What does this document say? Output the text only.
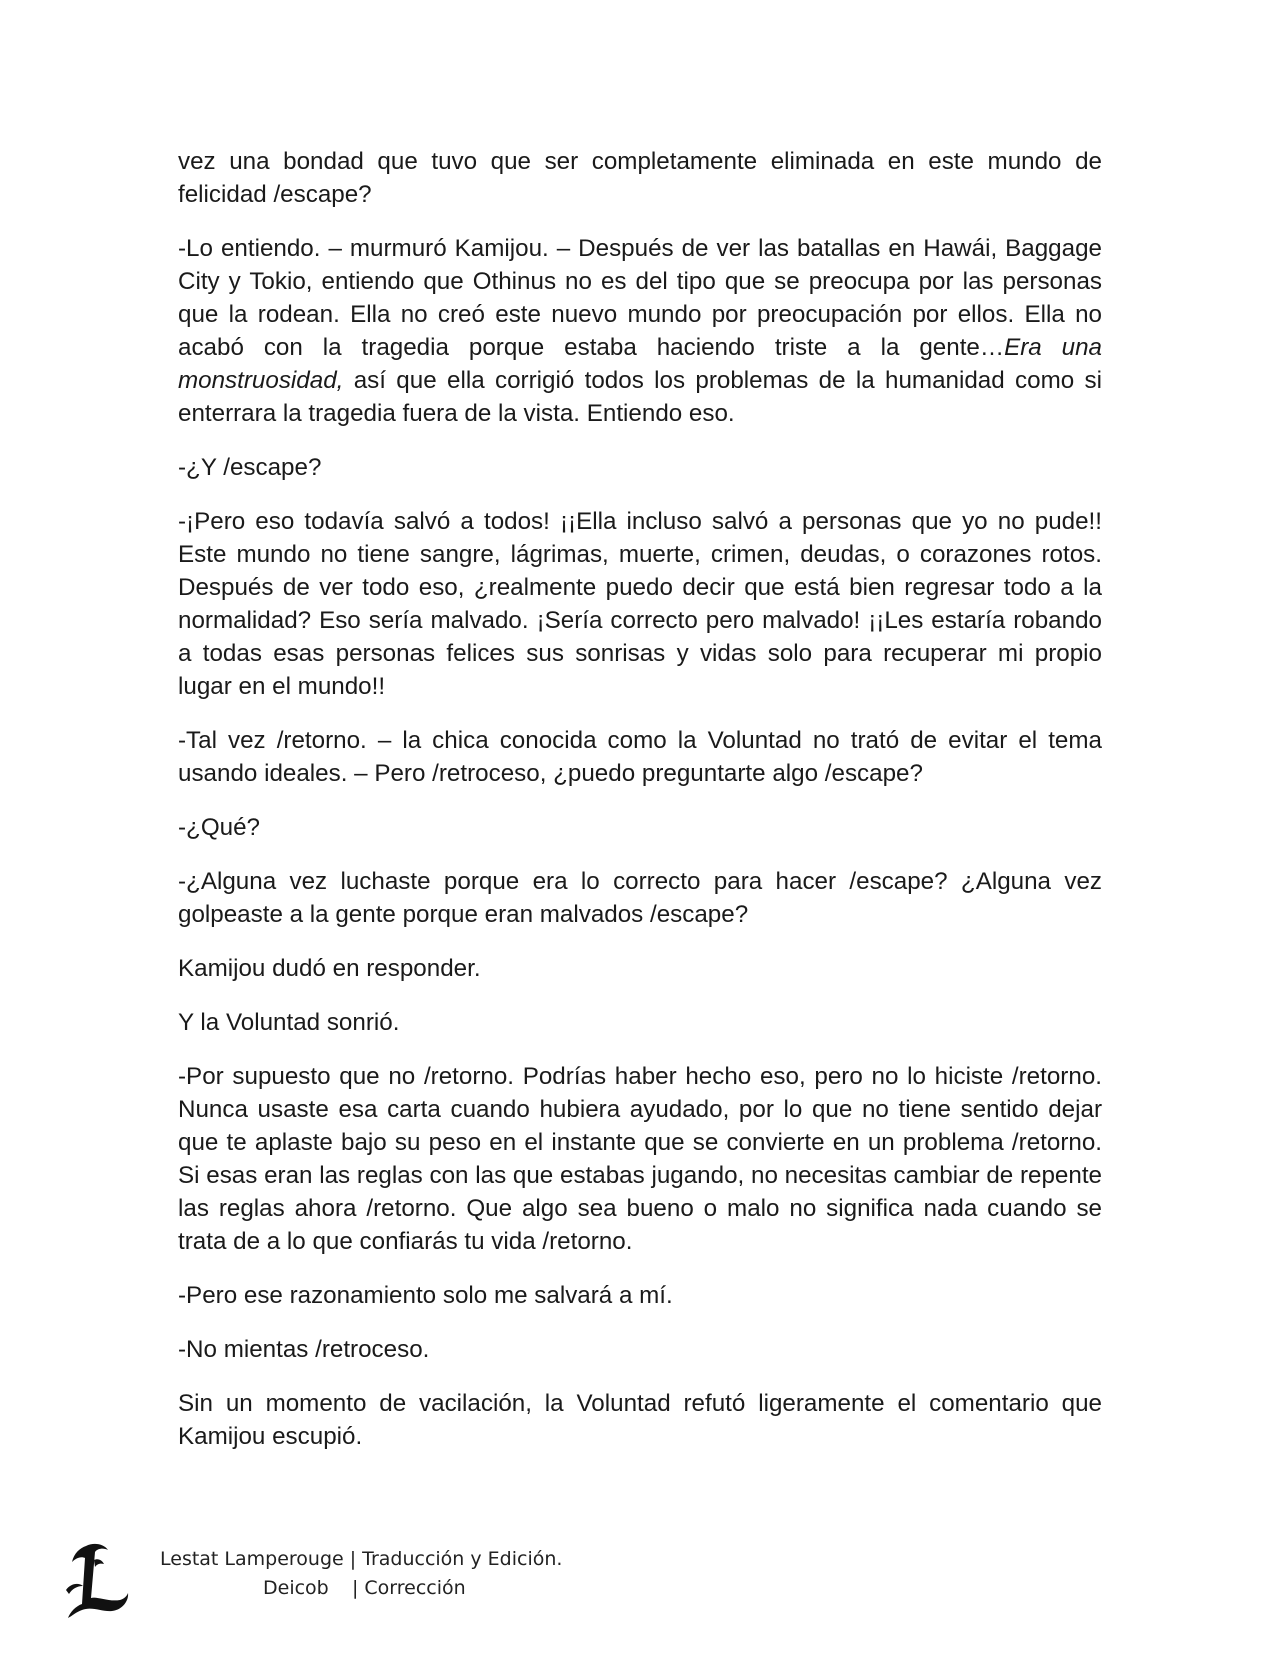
vez una bondad que tuvo que ser completamente eliminada en este mundo de felicidad /escape?

-Lo entiendo. – murmuró Kamijou. – Después de ver las batallas en Hawái, Baggage City y Tokio, entiendo que Othinus no es del tipo que se preocupa por las personas que la rodean. Ella no creó este nuevo mundo por preocupación por ellos. Ella no acabó con la tragedia porque estaba haciendo triste a la gente…Era una monstruosidad, así que ella corrigió todos los problemas de la humanidad como si enterrara la tragedia fuera de la vista. Entiendo eso.

-¿Y /escape?

-¡Pero eso todavía salvó a todos! ¡¡Ella incluso salvó a personas que yo no pude!! Este mundo no tiene sangre, lágrimas, muerte, crimen, deudas, o corazones rotos. Después de ver todo eso, ¿realmente puedo decir que está bien regresar todo a la normalidad? Eso sería malvado. ¡Sería correcto pero malvado! ¡¡Les estaría robando a todas esas personas felices sus sonrisas y vidas solo para recuperar mi propio lugar en el mundo!!

-Tal vez /retorno. – la chica conocida como la Voluntad no trató de evitar el tema usando ideales. – Pero /retroceso, ¿puedo preguntarte algo /escape?

-¿Qué?

-¿Alguna vez luchaste porque era lo correcto para hacer /escape? ¿Alguna vez golpeaste a la gente porque eran malvados /escape?

Kamijou dudó en responder.

Y la Voluntad sonrió.

-Por supuesto que no /retorno. Podrías haber hecho eso, pero no lo hiciste /retorno. Nunca usaste esa carta cuando hubiera ayudado, por lo que no tiene sentido dejar que te aplaste bajo su peso en el instante que se convierte en un problema /retorno. Si esas eran las reglas con las que estabas jugando, no necesitas cambiar de repente las reglas ahora /retorno. Que algo sea bueno o malo no significa nada cuando se trata de a lo que confiarás tu vida /retorno.

-Pero ese razonamiento solo me salvará a mí.

-No mientas /retroceso.

Sin un momento de vacilación, la Voluntad refutó ligeramente el comentario que Kamijou escupió.

Lestat Lamperouge | Traducción y Edición.
Deicob	| Corrección
